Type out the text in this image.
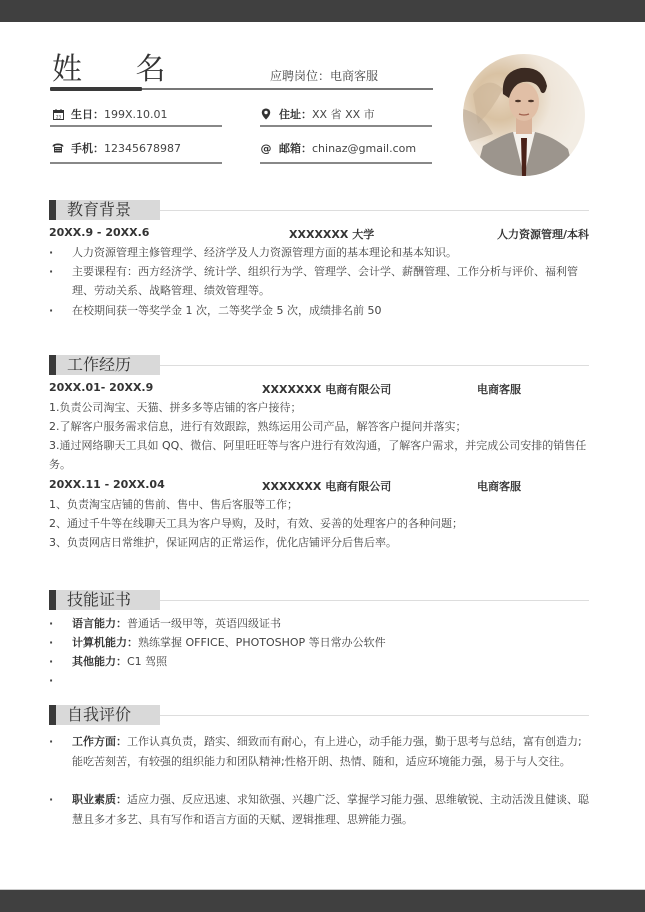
姓 名	应聘岗位：电商客服
23 生日： 199X.10.01	住址： XX 省 XX 市
手机： 12345678987	@ 邮箱： chinaz@gmail.com
教育背景
20XX.9 - 20XX.6	XXXXXXX 大学	人力资源管理/本科
· 人力资源管理主修管理学、经济学及人力资源管理方面的基本理论和基本知识。
· 主要课程有：西方经济学、统计学、组织行为学、管理学、会计学、薪酬管理、工作分析与评价、福利管理、劳动关系、战略管理、绩效管理等。
· 在校期间获一等奖学金 1 次，二等奖学金 5 次，成绩排名前 50
工作经历
20XX.01- 20XX.9	XXXXXXX 电商有限公司	电商客服
1.负责公司淘宝、天猫、拼多多等店铺的客户接待；
2.了解客户服务需求信息，进行有效跟踪，熟练运用公司产品，解答客户提问并落实；
3.通过网络聊天工具如 QQ、微信、阿里旺旺等与客户进行有效沟通，了解客户需求，并完成公司安排的销售任务。
20XX.11 - 20XX.04	XXXXXXX 电商有限公司	电商客服
1、负责淘宝店铺的售前、售中、售后客服等工作；
2、通过千牛等在线聊天工具为客户导购，及时，有效、妥善的处理客户的各种问题；
3、负责网店日常维护，保证网店的正常运作，优化店铺评分后售后率。
技能证书
· 语言能力：普通话一级甲等，英语四级证书
· 计算机能力：熟练掌握 OFFICE、PHOTOSHOP 等日常办公软件
· 其他能力：C1 驾照
·
自我评价
· 工作方面：工作认真负责，踏实、细致而有耐心，有上进心，动手能力强，勤于思考与总结，富有创造力;能吃苦刻苦，有较强的组织能力和团队精神;性格开朗、热情、随和，适应环境能力强，易于与人交往。
· 职业素质：适应力强、反应迅速、求知欲强、兴趣广泛、掌握学习能力强、思维敏锐、主动活泼且健谈、聪慧且多才多艺、具有写作和语言方面的天赋、逻辑推理、思辨能力强。
